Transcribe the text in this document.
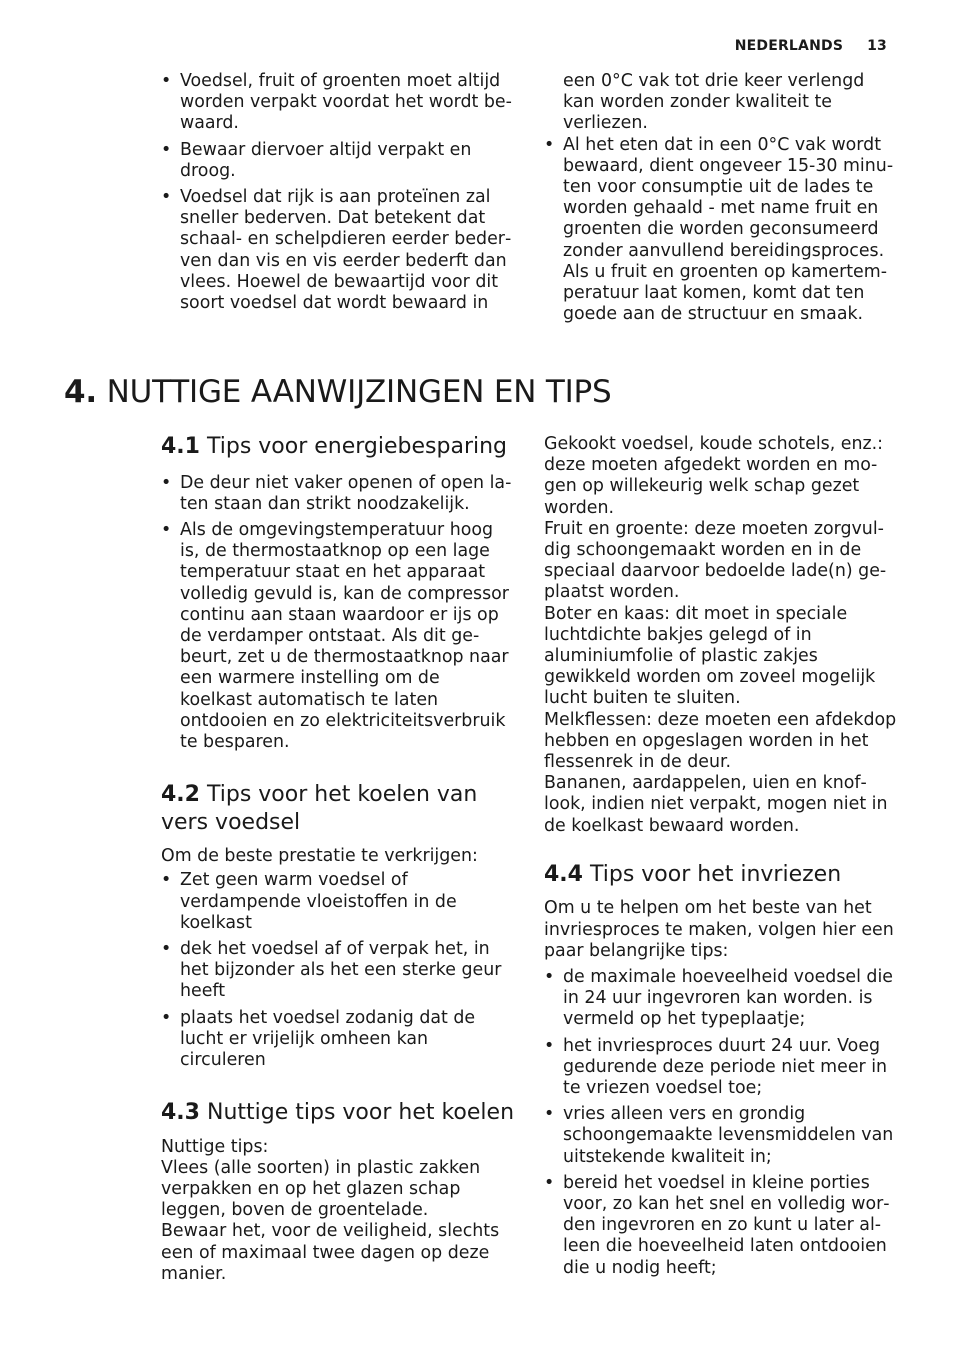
NEDERLANDS 13
• Voedsel, fruit of groenten moet altijd worden verpakt voordat het wordt bewaard.
• Bewaar diervoer altijd verpakt en droog.
• Voedsel dat rijk is aan proteïnen zal sneller bederven. Dat betekent dat schaal- en schelpdieren eerder bederven dan vis en vis eerder bederft dan vlees. Hoewel de bewaartijd voor dit soort voedsel dat wordt bewaard in

een 0°C vak tot drie keer verlengd kan worden zonder kwaliteit te verliezen.

• Al het eten dat in een 0°C vak wordt bewaard, dient ongeveer 15-30 minuten voor consumptie uit de lades te worden gehaald - met name fruit en groenten die worden geconsumeerd zonder aanvullend bereidingsproces. Als u fruit en groenten op kamertemperatuur laat komen, komt dat ten goede aan de structuur en smaak.
4. NUTTIGE AANWIJZINGEN EN TIPS
4.1 Tips voor energiebesparing
• De deur niet vaker openen of open laten staan dan strikt noodzakelijk.
• Als de omgevingstemperatuur hoog is, de thermostaatknop op een lage temperatuur staat en het apparaat volledig gevuld is, kan de compressor continu aan staan waardoor er ijs op de verdamper ontstaat. Als dit gebeurt, zet u de thermostaatknop naar een warmere instelling om de koelkast automatisch te laten ontdooien en zo elektriciteitsverbruik te besparen.
4.2 Tips voor het koelen van vers voedsel

Om de beste prestatie te verkrijgen:

• Zet geen warm voedsel of verdampende vloeistoffen in de koelkast
• dek het voedsel af of verpak het, in het bijzonder als het een sterke geur heeft
• plaats het voedsel zodanig dat de lucht er vrijelijk omheen kan circuleren
4.3 Nuttige tips voor het koelen

Nuttige tips:

Vlees (alle soorten) in plastic zakken verpakken en op het glazen schap leggen, boven de groentelade.

Bewaar het, voor de veiligheid, slechts een of maximaal twee dagen op deze manier.

Gekookt voedsel, koude schotels, enz.: deze moeten afgedekt worden en mogen op willekeurig welk schap gezet worden.

Fruit en groente: deze moeten zorgvuldig schoongemaakt worden en in de speciaal daarvoor bedoelde lade(n) geplaatst worden.

Boter en kaas: dit moet in speciale luchtdichte bakjes gelegd of in aluminiumfolie of plastic zakjes gewikkeld worden om zoveel mogelijk lucht buiten te sluiten.

Melkflessen: deze moeten een afdekdop hebben en opgeslagen worden in het flessenrek in de deur.

Bananen, aardappelen, uien en knoflook, indien niet verpakt, mogen niet in de koelkast bewaard worden.

4.4 Tips voor het invriezen

Om u te helpen om het beste van het invriesproces te maken, volgen hier een paar belangrijke tips:

• de maximale hoeveelheid voedsel die in 24 uur ingevroren kan worden. is vermeld op het typeplaatje;
• het invriesproces duurt 24 uur. Voeg gedurende deze periode niet meer in te vriezen voedsel toe;
• vries alleen vers en grondig schoongemaakte levensmiddelen van uitstekende kwaliteit in;
• bereid het voedsel in kleine porties voor, zo kan het snel en volledig worden ingevroren en zo kunt u later alleen die hoeveelheid laten ontdooien die u nodig heeft;
